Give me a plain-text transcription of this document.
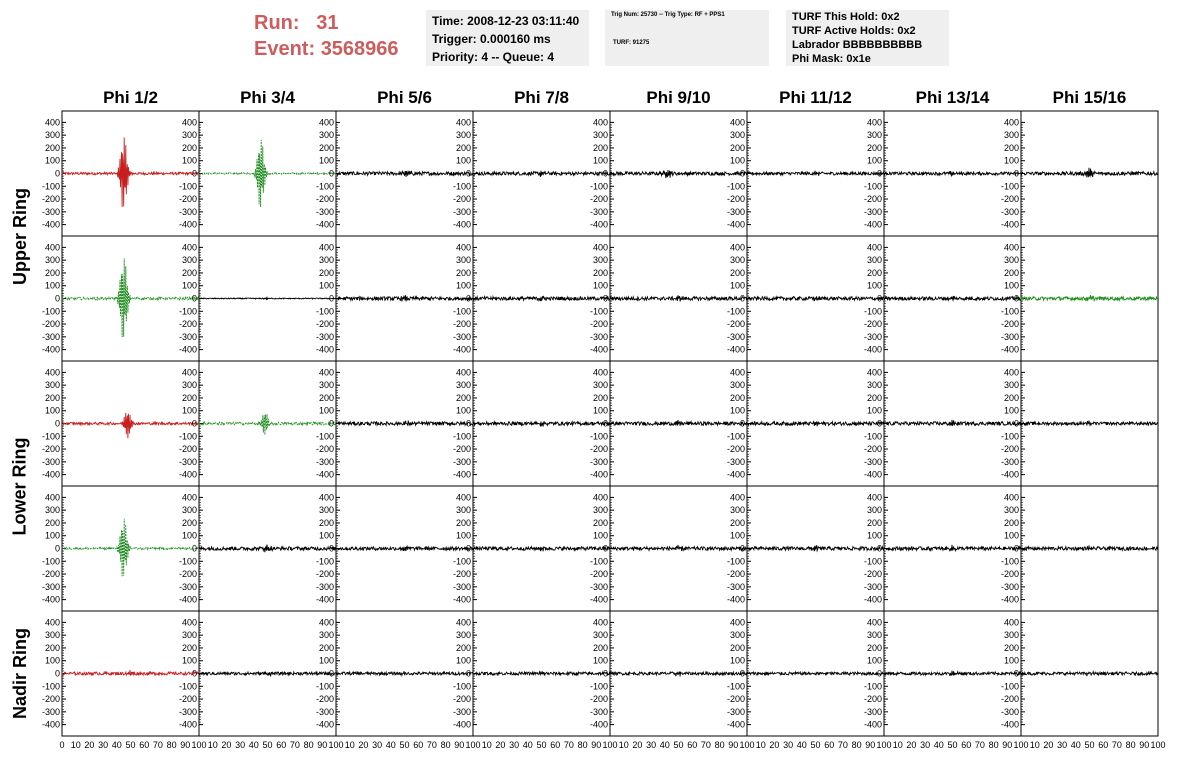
Run: 31
Event: 3568966
Time: 2008-12-23 03:11:40
Trigger: 0.000160 ms
Priority: 4 -- Queue: 4
Trig Num: 25730 -- Trig Type: RF + PPS1
TURF: 91275
TURF This Hold: 0x2
TURF Active Holds: 0x2
Labrador BBBBBBBBBB
Phi Mask: 0x1e
Phi 1/2	Phi 3/4	Phi 5/6	Phi 7/8	Phi 9/10	Phi 11/12	Phi 13/14	Phi 15/16
Upper Ring
Lower Ring
Nadir Ring
-400
-300
-200
-100
0
100
200
300
400
-400
-300
-200
-100
0
100
200
300
400
-400
-300
-200
-100
0
100
200
300
400
-400
-300
-200
-100
0
100
200
300
400
-400
-300
-200
-100
0
100
200
300
400
-400
-300
-200
-100
0
100
200
300
400
-400
-300
-200
-100
0
100
200
300
400
-400
-300
-200
-100
0
100
200
300
400
-400
-300
-200
-100
0
100
200
300
400
-400
-300
-200
-100
0
100
200
300
400
-400
-300
-200
-100
0
100
200
300
400
-400
-300
-200
-100
0
100
200
300
400
-400
-300
-200
-100
0
100
200
300
400
-400
-300
-200
-100
0
100
200
300
400
-400
-300
-200
-100
0
100
200
300
400
-400
-300
-200
-100
0
100
200
300
400
-400
-300
-200
-100
0
100
200
300
400
-400
-300
-200
-100
0
100
200
300
400
-400
-300
-200
-100
0
100
200
300
400
-400
-300
-200
-100
0
100
200
300
400
-400
-300
-200
-100
0
100
200
300
400
-400
-300
-200
-100
0
100
200
300
400
-400
-300
-200
-100
0
100
200
300
400
-400
-300
-200
-100
0
100
200
300
400
-400
-300
-200
-100
0
100
200
300
400
-400
-300
-200
-100
0
100
200
300
400
-400
-300
-200
-100
0
100
200
300
400
-400
-300
-200
-100
0
100
200
300
400
-400
-300
-200
-100
0
100
200
300
400
-400
-300
-200
-100
0
100
200
300
400
-400
-300
-200
-100
0
100
200
300
400
-400
-300
-200
-100
0
100
200
300
400
-400
-300
-200
-100
0
100
200
300
400
-400
-300
-200
-100
0
100
200
300
400
-400
-300
-200
-100
0
100
200
300
400
-400
-300
-200
-100
0
100
200
300
400
-400
-300
-200
-100
0
100
200
300
400
-400
-300
-200
-100
0
100
200
300
400
-400
-300
-200
-100
0
100
200
300
400
-400
-300
-200
-100
0
100
200
300
400
0 10 20 30 40 50 60 70 80 90 100 10 20 30 40 50 60 70 80 90 100 10 20 30 40 50 60 70 80 90 100 10 20 30 40 50 60 70 80 90 100 10 20 30 40 50 60 70 80 90 100 10 20 30 40 50 60 70 80 90 100 10 20 30 40 50 60 70 80 90 100 10 20 30 40 50 60 70 80 90 100
